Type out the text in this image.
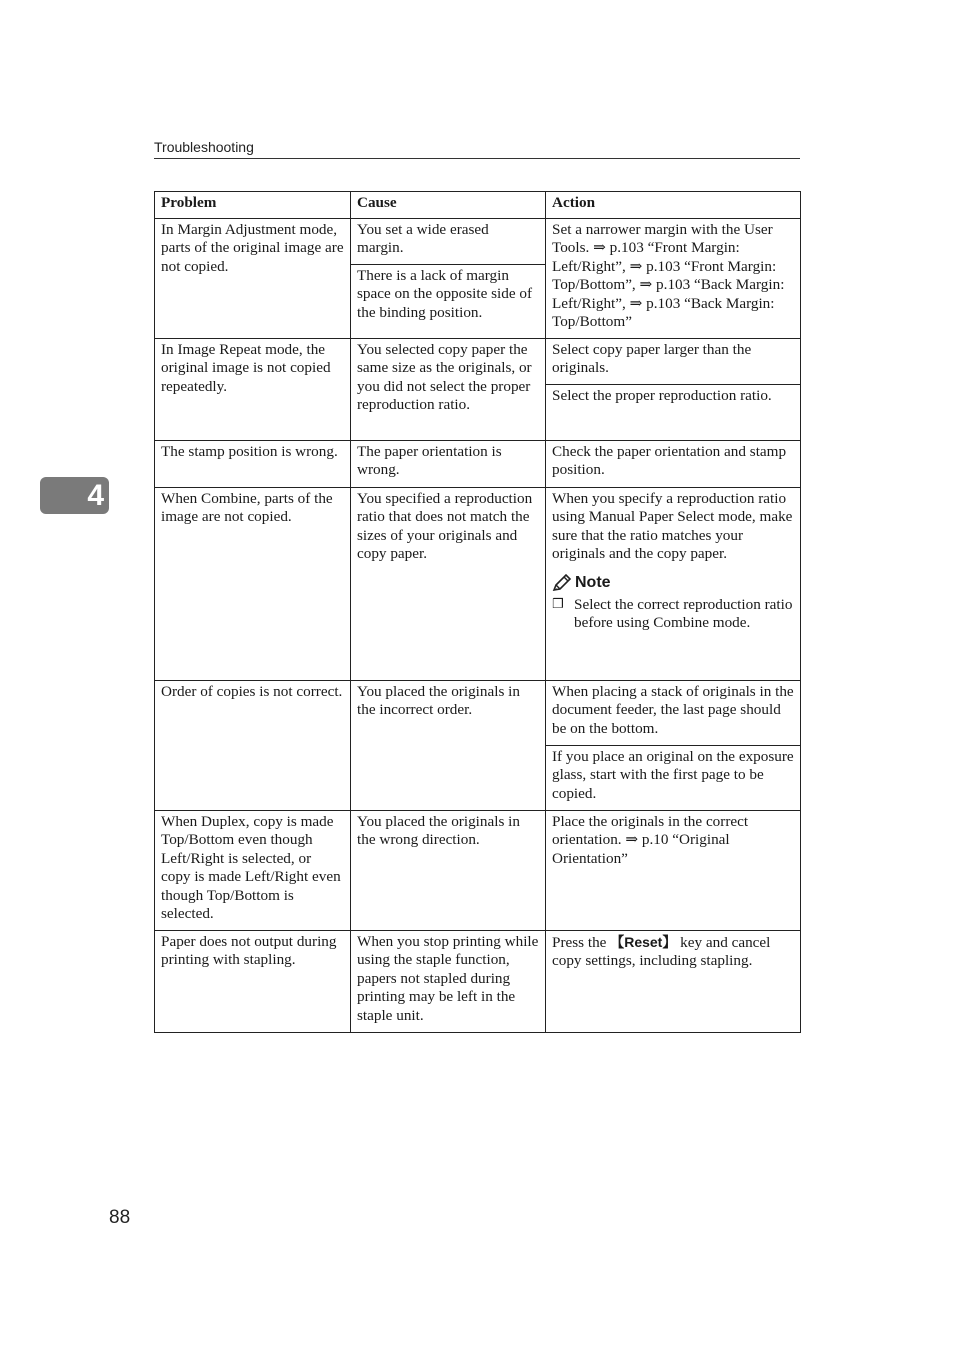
Troubleshooting
4
Problem	Cause	Action
In Margin Adjustment mode, parts of the original image are not copied.	You set a wide erased margin.	Set a narrower margin with the User Tools. ⇒ p.103 “Front Margin: Left/Right”, ⇒ p.103 “Front Margin: Top/Bottom”, ⇒ p.103 “Back Margin: Left/Right”, ⇒ p.103 “Back Margin: Top/Bottom”
	There is a lack of margin space on the opposite side of the binding position.	
In Image Repeat mode, the original image is not copied repeatedly.	You selected copy paper the same size as the originals, or you did not select the proper reproduction ratio.	Select copy paper larger than the originals.
		Select the proper reproduction ratio.
The stamp position is wrong.	The paper orientation is wrong.	Check the paper orientation and stamp position.
When Combine, parts of the image are not copied.	You specified a reproduction ratio that does not match the sizes of your originals and copy paper.	When you specify a reproduction ratio using Manual Paper Select mode, make sure that the ratio matches your originals and the copy paper.
Note
❒ Select the correct reproduction ratio before using Combine mode.

Order of copies is not correct.	You placed the originals in the incorrect order.	When placing a stack of originals in the document feeder, the last page should be on the bottom.
		If you place an original on the exposure glass, start with the first page to be copied.
When Duplex, copy is made Top/Bottom even though Left/Right is selected, or copy is made Left/Right even though Top/Bottom is selected.	You placed the originals in the wrong direction.	Place the originals in the correct orientation. ⇒ p.10 “Original Orientation”
Paper does not output during printing with stapling.	When you stop printing while using the staple function, papers not stapled during printing may be left in the staple unit.	Press the 【Reset】 key and cancel copy settings, including stapling.
88
